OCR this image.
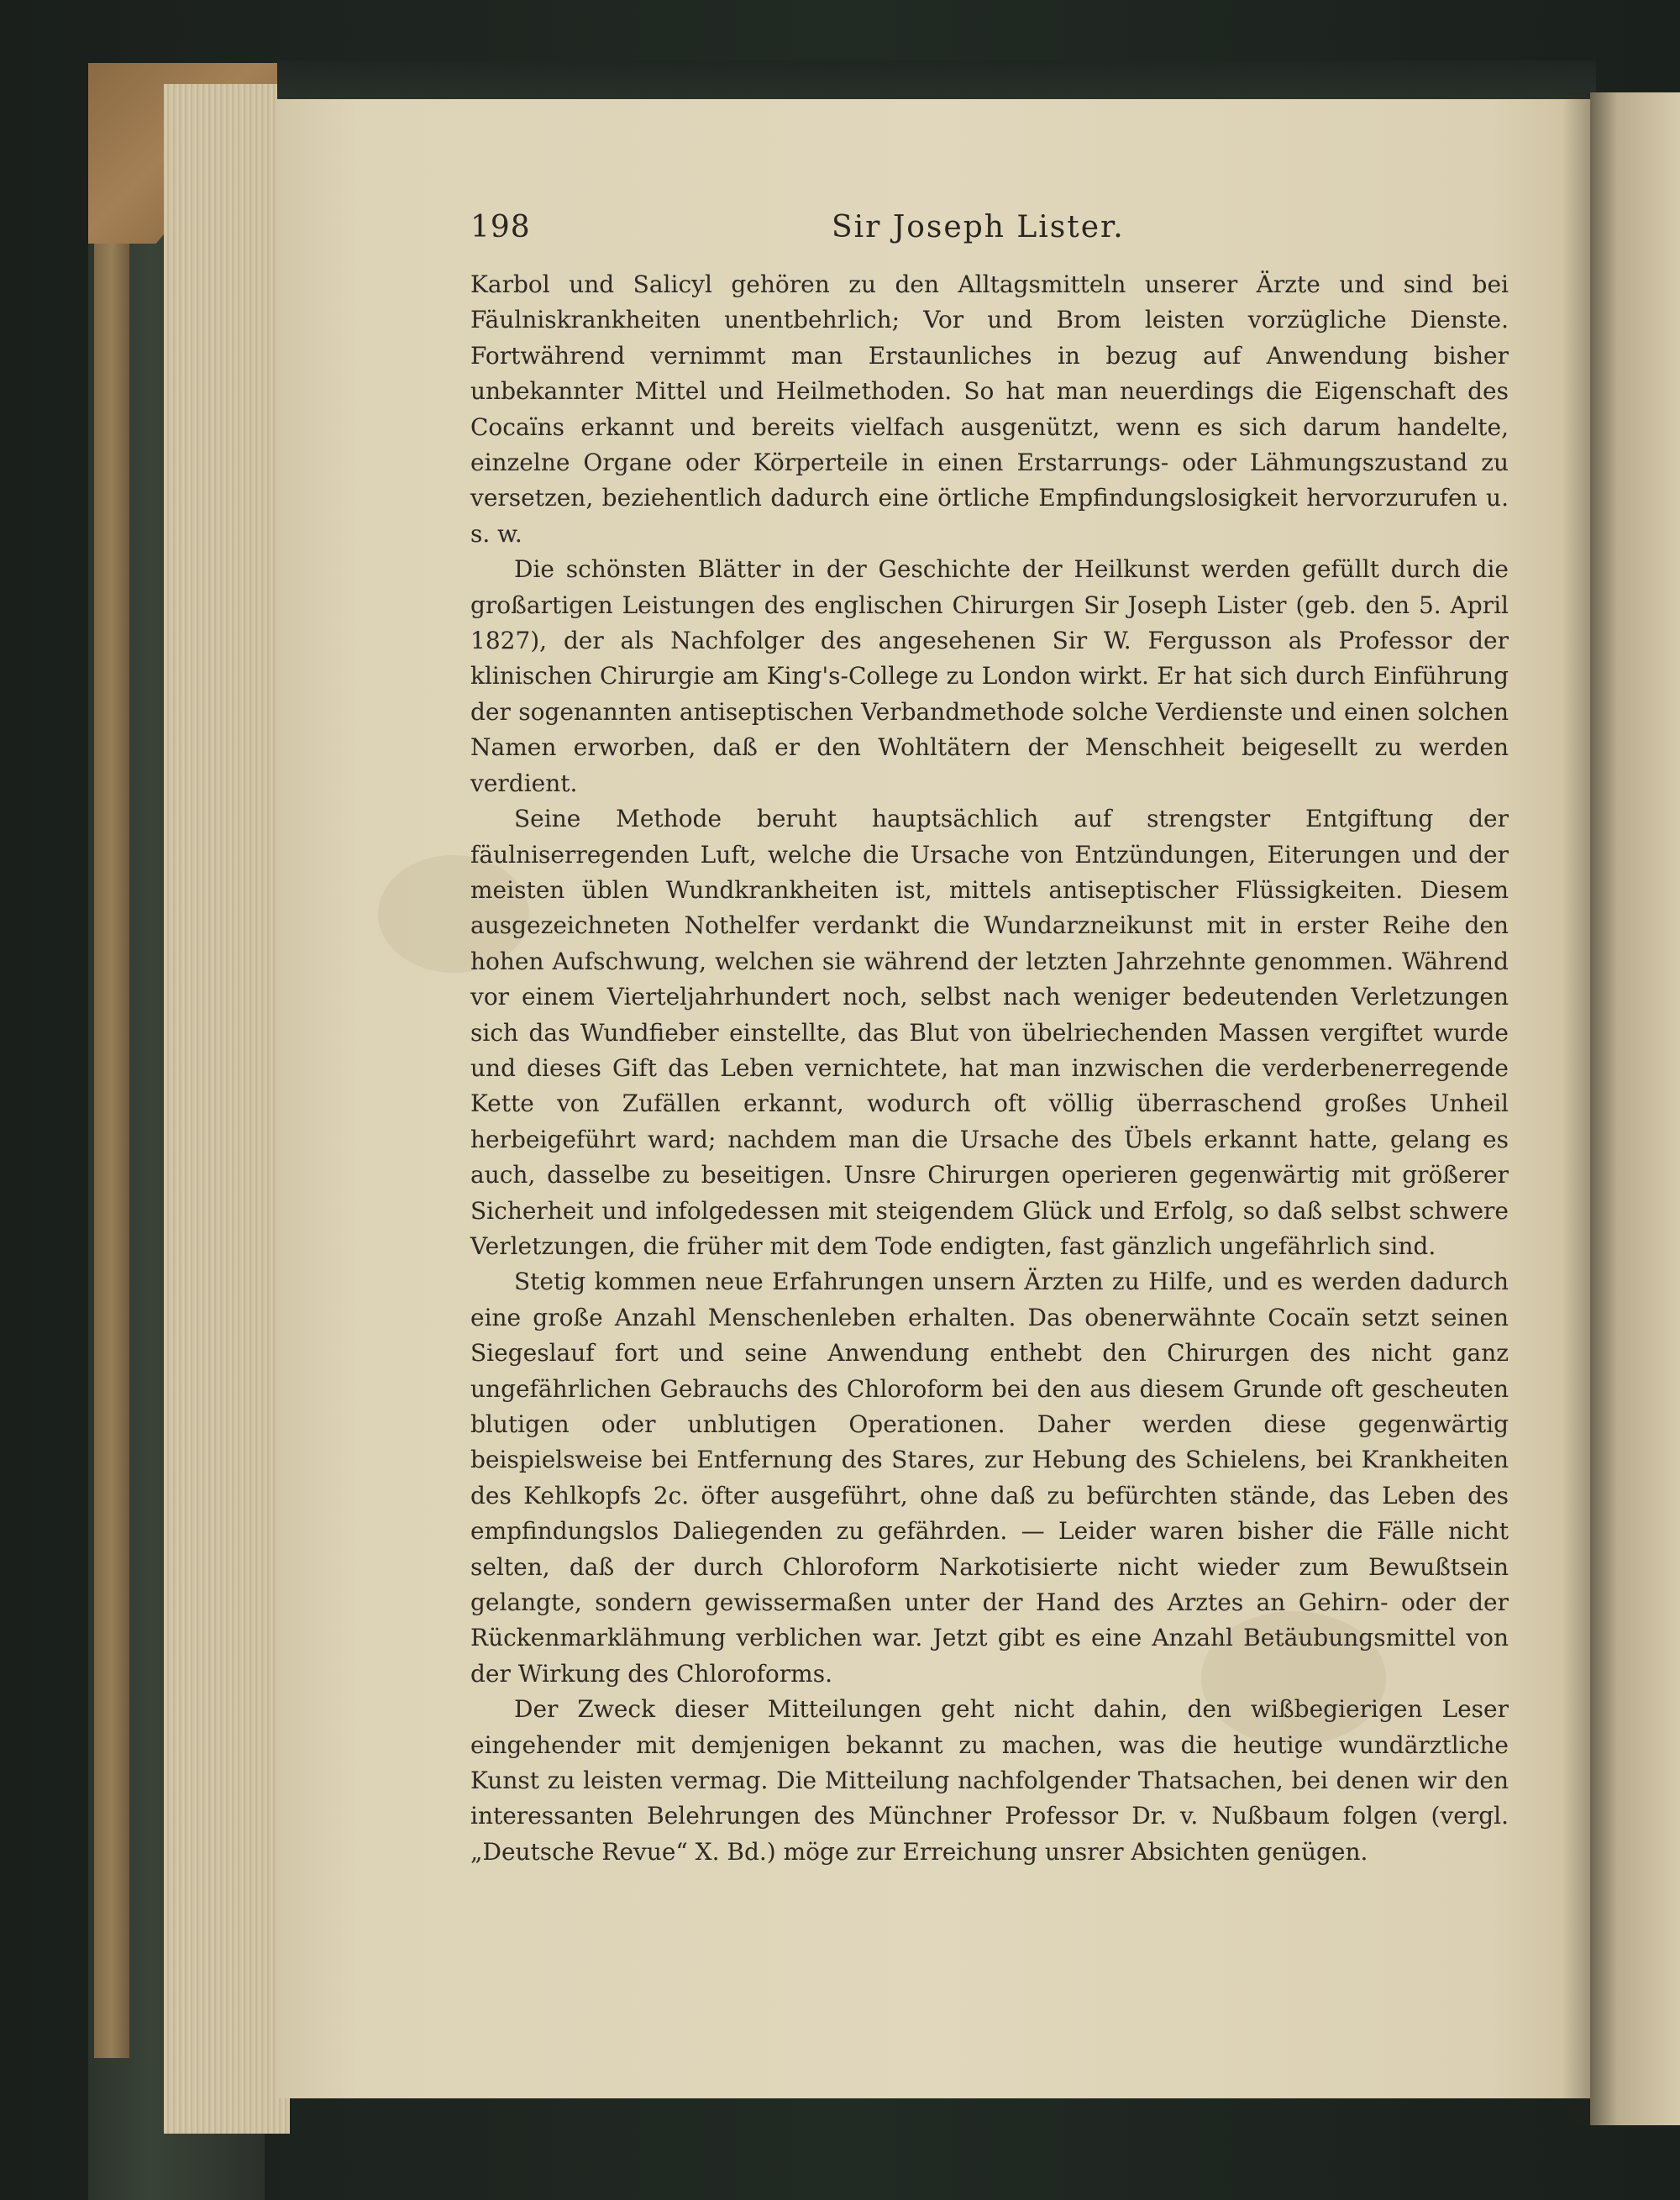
198	Sir Joseph Lister.

Karbol und Salicyl gehören zu den Alltagsmitteln unserer Ärzte und sind bei Fäulniskrankheiten unentbehrlich; Vor und Brom leisten vorzügliche Dienste. Fortwährend vernimmt man Erstaunliches in bezug auf Anwendung bisher unbekannter Mittel und Heilmethoden. So hat man neuerdings die Eigenschaft des Cocaïns erkannt und bereits vielfach ausgenützt, wenn es sich darum handelte, einzelne Organe oder Körperteile in einen Erstarrungs- oder Lähmungszustand zu versetzen, beziehentlich dadurch eine örtliche Empfindungslosigkeit hervorzurufen u. s. w.

Die schönsten Blätter in der Geschichte der Heilkunst werden gefüllt durch die großartigen Leistungen des englischen Chirurgen Sir Joseph Lister (geb. den 5. April 1827), der als Nachfolger des angesehenen Sir W. Fergusson als Professor der klinischen Chirurgie am King's-College zu London wirkt. Er hat sich durch Einführung der sogenannten antiseptischen Verbandmethode solche Verdienste und einen solchen Namen erworben, daß er den Wohltätern der Menschheit beigesellt zu werden verdient.

Seine Methode beruht hauptsächlich auf strengster Entgiftung der fäulniserregenden Luft, welche die Ursache von Entzündungen, Eiterungen und der meisten üblen Wundkrankheiten ist, mittels antiseptischer Flüssigkeiten. Diesem ausgezeichneten Nothelfer verdankt die Wundarzneikunst mit in erster Reihe den hohen Aufschwung, welchen sie während der letzten Jahrzehnte genommen. Während vor einem Vierteljahrhundert noch, selbst nach weniger bedeutenden Verletzungen sich das Wundfieber einstellte, das Blut von übelriechenden Massen vergiftet wurde und dieses Gift das Leben vernichtete, hat man inzwischen die verderbenerregende Kette von Zufällen erkannt, wodurch oft völlig überraschend großes Unheil herbeigeführt ward; nachdem man die Ursache des Übels erkannt hatte, gelang es auch, dasselbe zu beseitigen. Unsre Chirurgen operieren gegenwärtig mit größerer Sicherheit und infolgedessen mit steigendem Glück und Erfolg, so daß selbst schwere Verletzungen, die früher mit dem Tode endigten, fast gänzlich ungefährlich sind.

Stetig kommen neue Erfahrungen unsern Ärzten zu Hilfe, und es werden dadurch eine große Anzahl Menschenleben erhalten. Das obenerwähnte Cocaïn setzt seinen Siegeslauf fort und seine Anwendung enthebt den Chirurgen des nicht ganz ungefährlichen Gebrauchs des Chloroform bei den aus diesem Grunde oft gescheuten blutigen oder unblutigen Operationen. Daher werden diese gegenwärtig beispielsweise bei Entfernung des Stares, zur Hebung des Schielens, bei Krankheiten des Kehlkopfs 2c. öfter ausgeführt, ohne daß zu befürchten stände, das Leben des empfindungslos Daliegenden zu gefährden. — Leider waren bisher die Fälle nicht selten, daß der durch Chloroform Narkotisierte nicht wieder zum Bewußtsein gelangte, sondern gewissermaßen unter der Hand des Arztes an Gehirn- oder der Rückenmarklähmung verblichen war. Jetzt gibt es eine Anzahl Betäubungsmittel von der Wirkung des Chloroforms.

Der Zweck dieser Mitteilungen geht nicht dahin, den wißbegierigen Leser eingehender mit demjenigen bekannt zu machen, was die heutige wundärztliche Kunst zu leisten vermag. Die Mitteilung nachfolgender Thatsachen, bei denen wir den interessanten Belehrungen des Münchner Professor Dr. v. Nußbaum folgen (vergl. „Deutsche Revue“ X. Bd.) möge zur Erreichung unsrer Absichten genügen.
